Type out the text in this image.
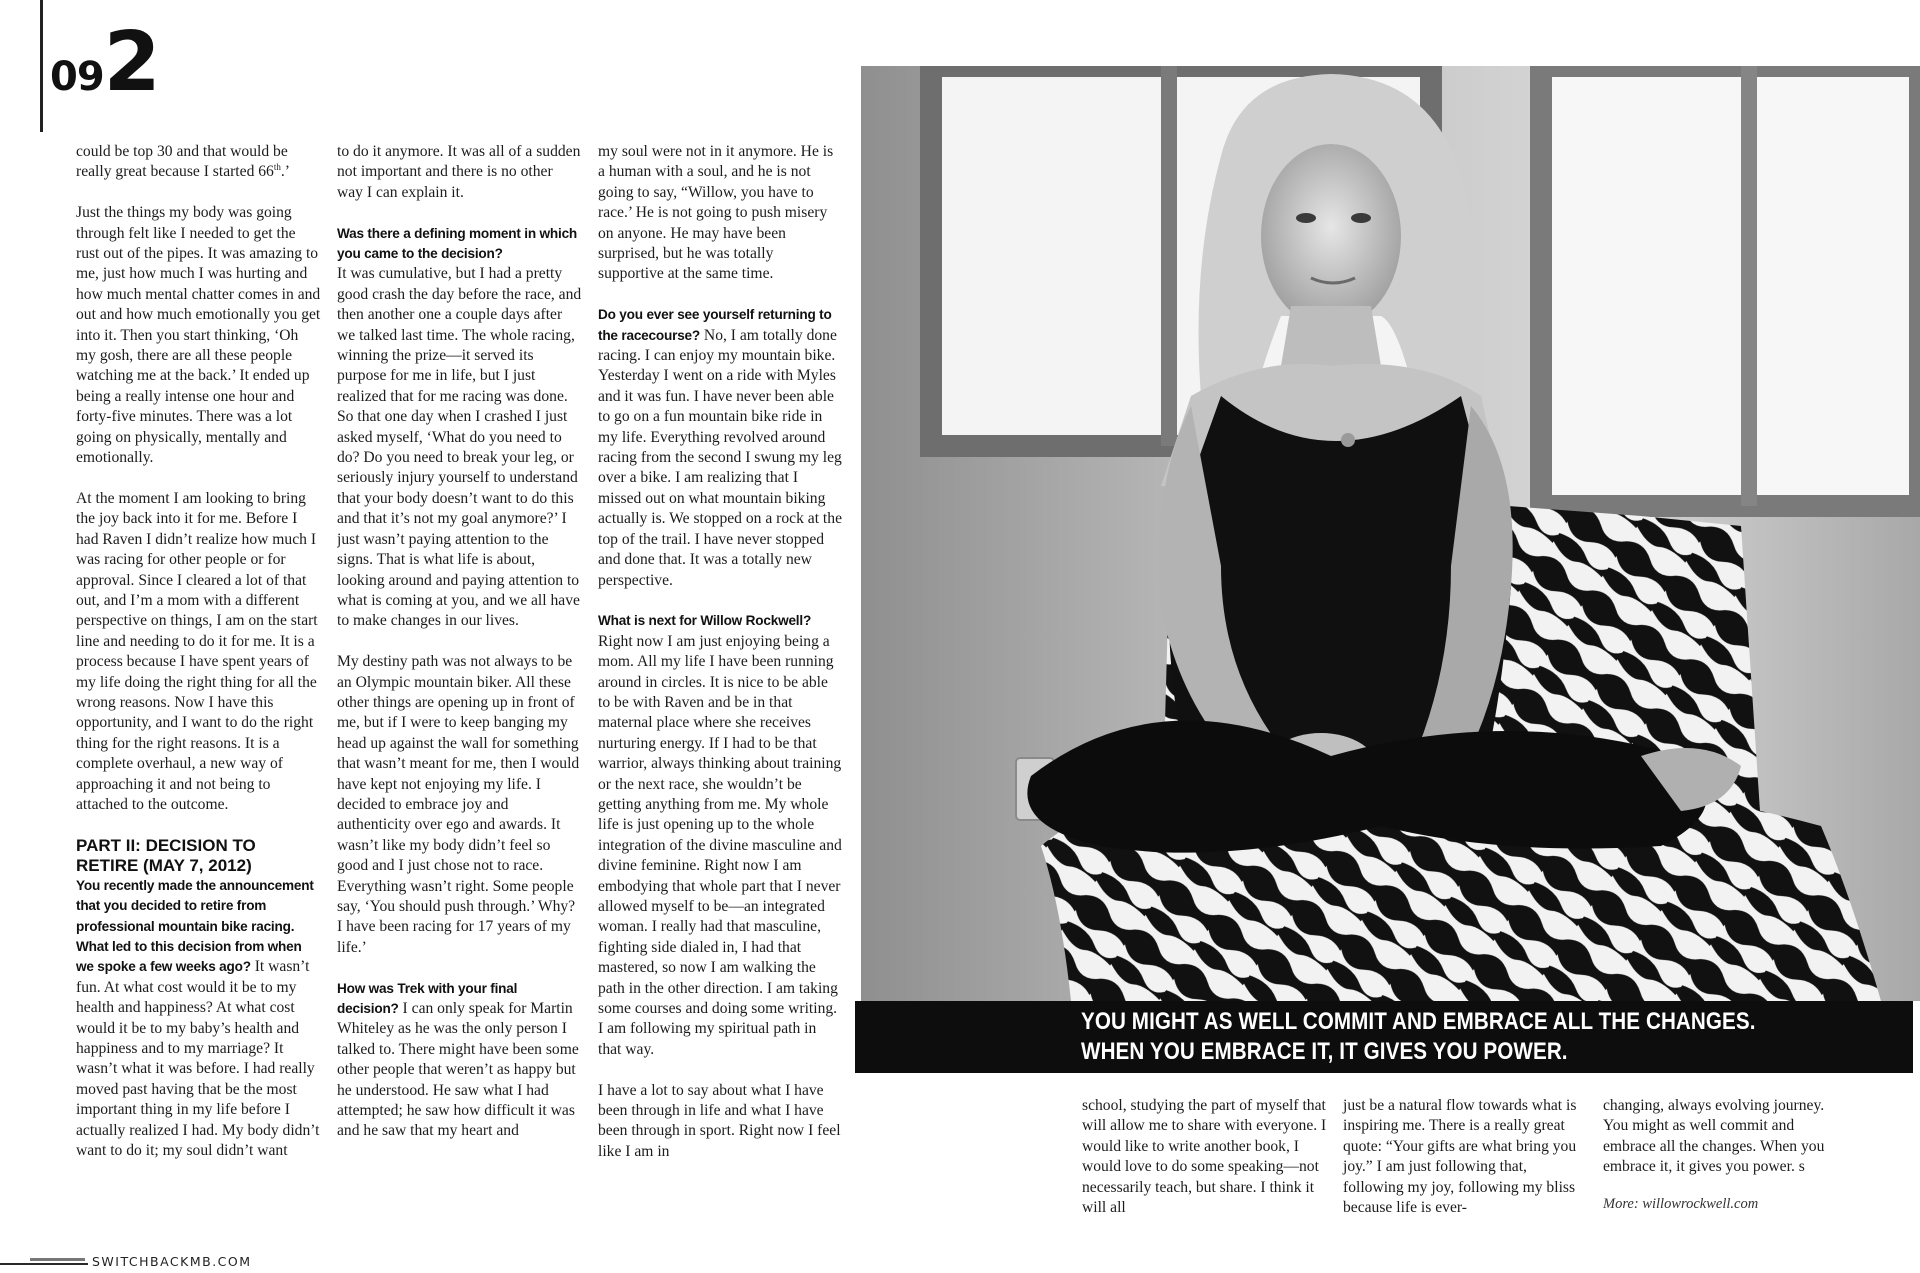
092

could be top 30 and that would be really great because I started 66th.’

Just the things my body was going through felt like I needed to get the rust out of the pipes. It was amazing to me, just how much I was hurting and how much mental chatter comes in and out and how much emotionally you get into it. Then you start thinking, ‘Oh my gosh, there are all these people watching me at the back.’ It ended up being a really intense one hour and forty-five minutes. There was a lot going on physically, mentally and emotionally.

At the moment I am looking to bring the joy back into it for me. Before I had Raven I didn’t realize how much I was racing for other people or for approval. Since I cleared a lot of that out, and I’m a mom with a different perspective on things, I am on the start line and needing to do it for me. It is a process because I have spent years of my life doing the right thing for all the wrong reasons. Now I have this opportunity, and I want to do the right thing for the right reasons. It is a complete overhaul, a new way of approaching it and not being to attached to the outcome.

PART II: DECISION TO RETIRE (MAY 7, 2012)

You recently made the announcement that you decided to retire from professional mountain bike racing. What led to this decision from when we spoke a few weeks ago? It wasn’t fun. At what cost would it be to my health and happiness? At what cost would it be to my baby’s health and happiness and to my marriage? It wasn’t what it was before. I had really moved past having that be the most important thing in my life before I actually realized I had. My body didn’t want to do it; my soul didn’t want

to do it anymore. It was all of a sudden not important and there is no other way I can explain it.

Was there a defining moment in which you came to the decision?
It was cumulative, but I had a pretty good crash the day before the race, and then another one a couple days after we talked last time. The whole racing, winning the prize—it served its purpose for me in life, but I just realized that for me racing was done. So that one day when I crashed I just asked myself, ‘What do you need to do? Do you need to break your leg, or seriously injury yourself to understand that your body doesn’t want to do this and that it’s not my goal anymore?’ I just wasn’t paying attention to the signs. That is what life is about, looking around and paying attention to what is coming at you, and we all have to make changes in our lives.

My destiny path was not always to be an Olympic mountain biker. All these other things are opening up in front of me, but if I were to keep banging my head up against the wall for something that wasn’t meant for me, then I would have kept not enjoying my life. I decided to embrace joy and authenticity over ego and awards. It wasn’t like my body didn’t feel so good and I just chose not to race. Everything wasn’t right. Some people say, ‘You should push through.’ Why? I have been racing for 17 years of my life.’

How was Trek with your final decision? I can only speak for Martin Whiteley as he was the only person I talked to. There might have been some other people that weren’t as happy but he understood. He saw what I had attempted; he saw how difficult it was and he saw that my heart and

my soul were not in it anymore. He is a human with a soul, and he is not going to say, “Willow, you have to race.’ He is not going to push misery on anyone. He may have been surprised, but he was totally supportive at the same time.

Do you ever see yourself returning to the racecourse? No, I am totally done racing. I can enjoy my mountain bike. Yesterday I went on a ride with Myles and it was fun. I have never been able to go on a fun mountain bike ride in my life. Everything revolved around racing from the second I swung my leg over a bike. I am realizing that I missed out on what mountain biking actually is. We stopped on a rock at the top of the trail. I have never stopped and done that. It was a totally new perspective.

What is next for Willow Rockwell?
Right now I am just enjoying being a mom. All my life I have been running around in circles. It is nice to be able to be with Raven and be in that maternal place where she receives nurturing energy. If I had to be that warrior, always thinking about training or the next race, she wouldn’t be getting anything from me. My whole life is just opening up to the whole integration of the divine masculine and divine feminine. Right now I am embodying that whole part that I never allowed myself to be—an integrated woman. I really had that masculine, fighting side dialed in, I had that mastered, so now I am walking the path in the other direction. I am taking some courses and doing some writing. I am following my spiritual path in that way.

I have a lot to say about what I have been through in life and what I have been through in sport. Right now I feel like I am in

YOU MIGHT AS WELL COMMIT AND EMBRACE ALL THE CHANGES.
WHEN YOU EMBRACE IT, IT GIVES YOU POWER.
school, studying the part of myself that will allow me to share with everyone. I would like to write another book, I would love to do some speaking—not necessarily teach, but share. I think it will all
just be a natural flow towards what is inspiring me. There is a really great quote: “Your gifts are what bring you joy.” I am just following that, following my joy, following my bliss because life is ever-
changing, always evolving journey. You might as well commit and embrace all the changes. When you embrace it, it gives you power. s
More: willowrockwell.com
SWITCHBACKMB.COM
